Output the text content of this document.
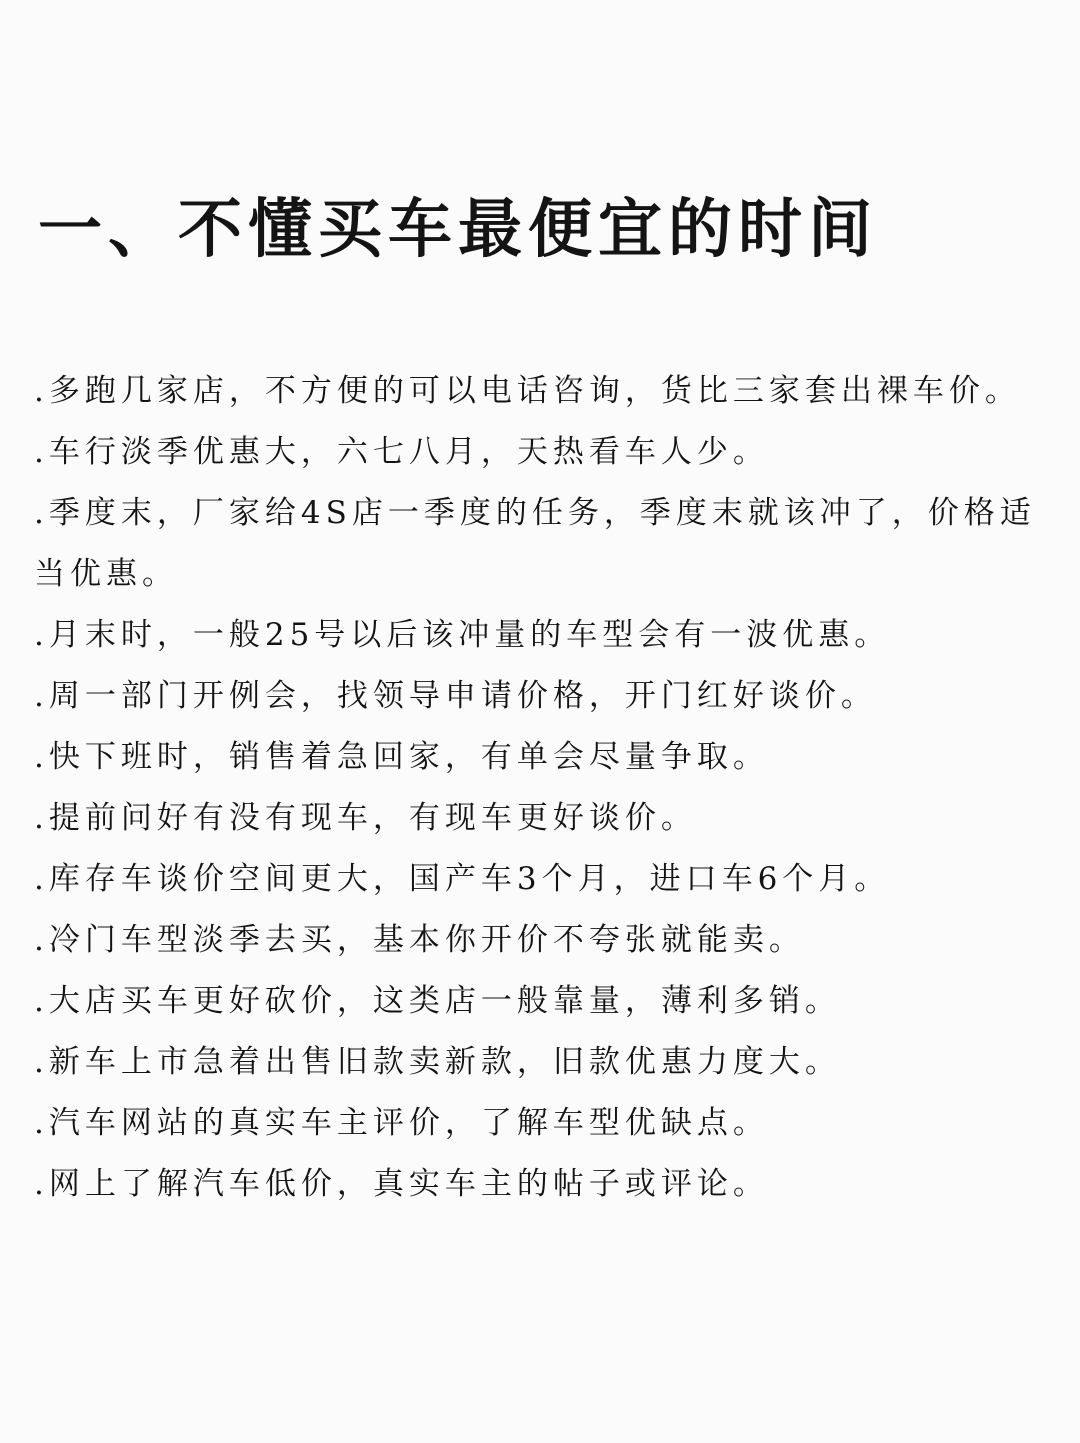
一、不懂买车最便宜的时间
.多跑几家店，不方便的可以电话咨询，货比三家套出裸车价。
.车行淡季优惠大，六七八月，天热看车人少。
.季度末，厂家给4S店一季度的任务，季度末就该冲了，价格适当优惠。
.月末时，一般25号以后该冲量的车型会有一波优惠。
.周一部门开例会，找领导申请价格，开门红好谈价。
.快下班时，销售着急回家，有单会尽量争取。
.提前问好有没有现车，有现车更好谈价。
.库存车谈价空间更大，国产车3个月，进口车6个月。
.冷门车型淡季去买，基本你开价不夸张就能卖。
.大店买车更好砍价，这类店一般靠量，薄利多销。
.新车上市急着出售旧款卖新款，旧款优惠力度大。
.汽车网站的真实车主评价，了解车型优缺点。
.网上了解汽车低价，真实车主的帖子或评论。
